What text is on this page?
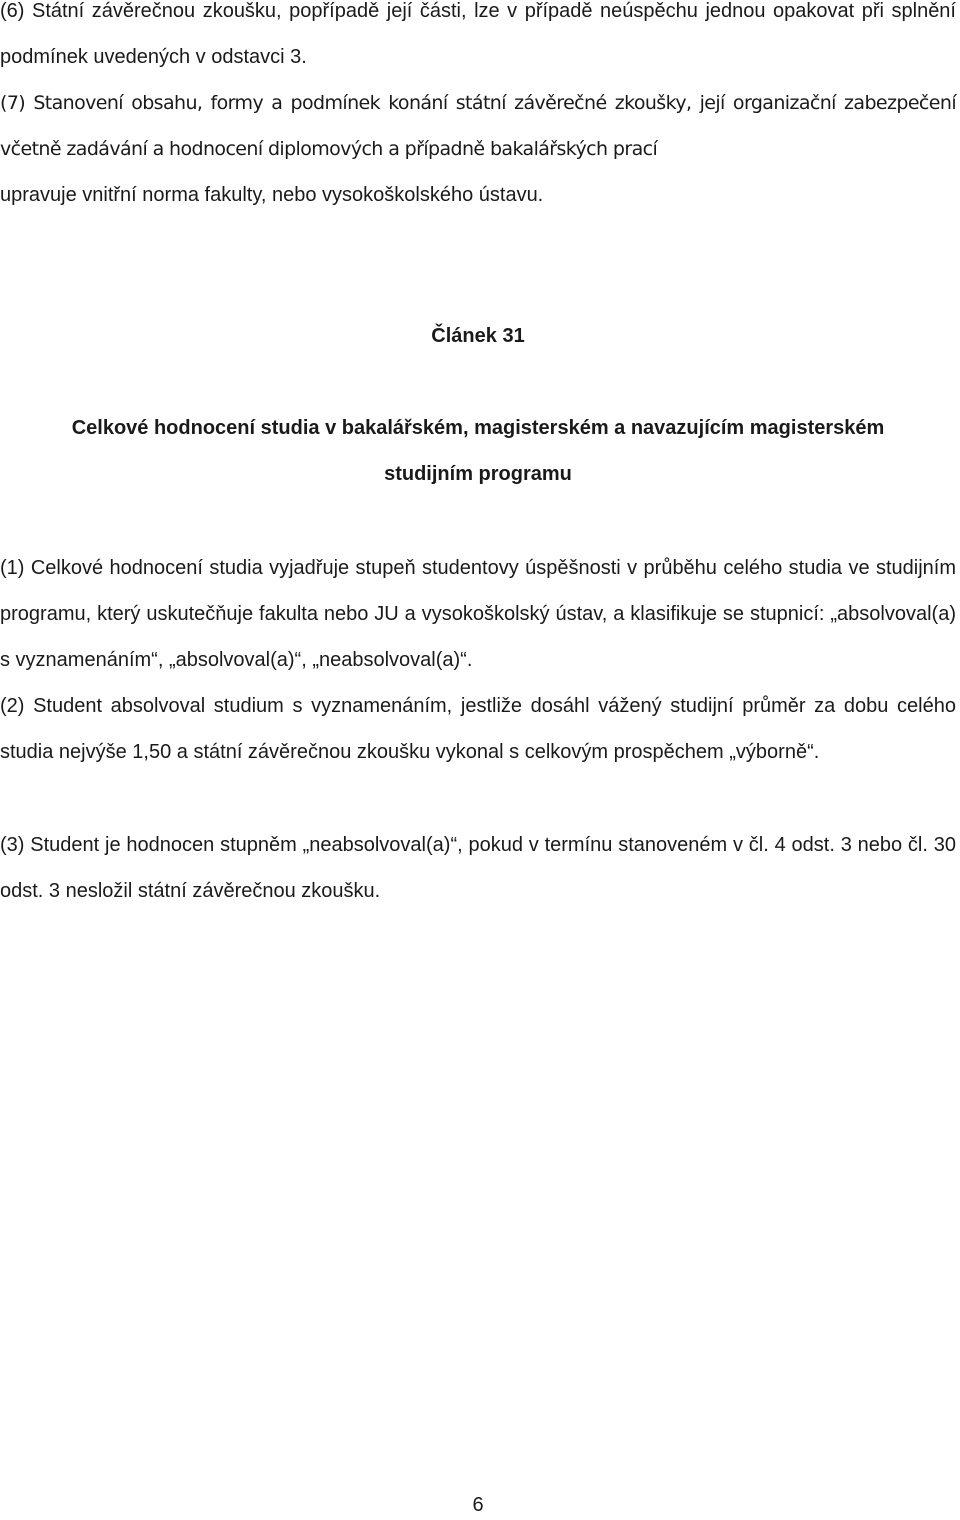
(6) Státní závěrečnou zkoušku, popřípadě její části, lze v případě neúspěchu jednou opakovat při splnění podmínek uvedených v odstavci 3.

(7) Stanovení obsahu, formy a podmínek konání státní závěrečné zkoušky, její organizační zabezpečení včetně zadávání a hodnocení diplomových a případně bakalářských prací

upravuje vnitřní norma fakulty, nebo vysokoškolského ústavu.

Článek 31
Celkové hodnocení studia v bakalářském, magisterském a navazujícím magisterském studijním programu

(1) Celkové hodnocení studia vyjadřuje stupeň studentovy úspěšnosti v průběhu celého studia ve studijním programu, který uskutečňuje fakulta nebo JU a vysokoškolský ústav, a klasifikuje se stupnicí: „absolvoval(a) s vyznamenáním“, „absolvoval(a)“, „neabsolvoval(a)“.

(2) Student absolvoval studium s vyznamenáním, jestliže dosáhl vážený studijní průměr za dobu celého studia nejvýše 1,50 a státní závěrečnou zkoušku vykonal s celkovým prospěchem „výborně“.

(3) Student je hodnocen stupněm „neabsolvoval(a)“, pokud v termínu stanoveném v čl. 4 odst. 3 nebo čl. 30 odst. 3 nesložil státní závěrečnou zkoušku.

6
